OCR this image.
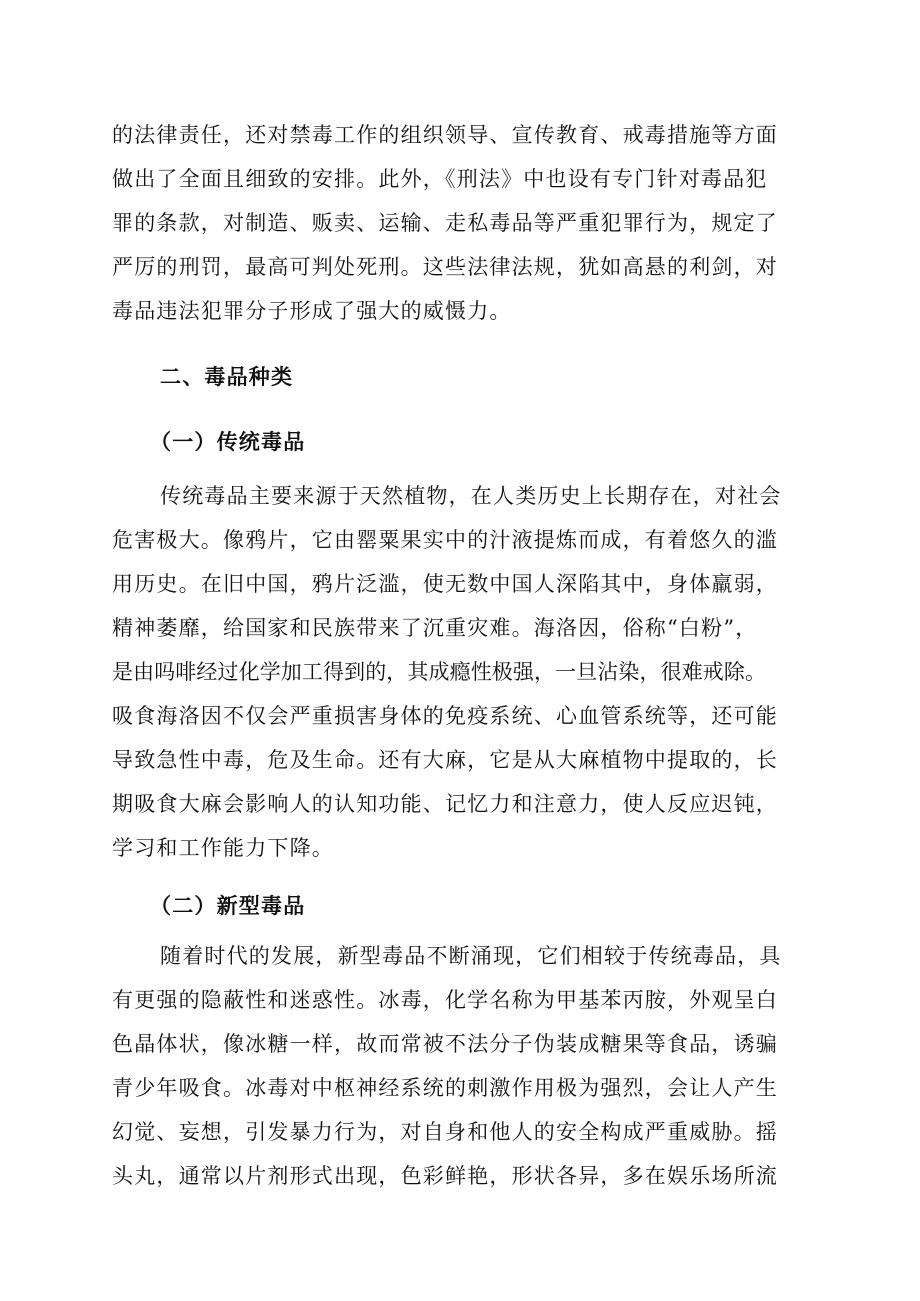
的法律责任，还对禁毒工作的组织领导、宣传教育、戒毒措施等方面
做出了全面且细致的安排。此外，《刑法》中也设有专门针对毒品犯
罪的条款，对制造、贩卖、运输、走私毒品等严重犯罪行为，规定了
严厉的刑罚，最高可判处死刑。这些法律法规，犹如高悬的利剑，对
毒品违法犯罪分子形成了强大的威慑力。
二、毒品种类
（一）传统毒品
传统毒品主要来源于天然植物，在人类历史上长期存在，对社会
危害极大。像鸦片，它由罂粟果实中的汁液提炼而成，有着悠久的滥
用历史。在旧中国，鸦片泛滥，使无数中国人深陷其中，身体羸弱，
精神萎靡，给国家和民族带来了沉重灾难。海洛因，俗称“白粉”，
是由吗啡经过化学加工得到的，其成瘾性极强，一旦沾染，很难戒除。
吸食海洛因不仅会严重损害身体的免疫系统、心血管系统等，还可能
导致急性中毒，危及生命。还有大麻，它是从大麻植物中提取的，长
期吸食大麻会影响人的认知功能、记忆力和注意力，使人反应迟钝，
学习和工作能力下降。
（二）新型毒品
随着时代的发展，新型毒品不断涌现，它们相较于传统毒品，具
有更强的隐蔽性和迷惑性。冰毒，化学名称为甲基苯丙胺，外观呈白
色晶体状，像冰糖一样，故而常被不法分子伪装成糖果等食品，诱骗
青少年吸食。冰毒对中枢神经系统的刺激作用极为强烈，会让人产生
幻觉、妄想，引发暴力行为，对自身和他人的安全构成严重威胁。摇
头丸，通常以片剂形式出现，色彩鲜艳，形状各异，多在娱乐场所流
